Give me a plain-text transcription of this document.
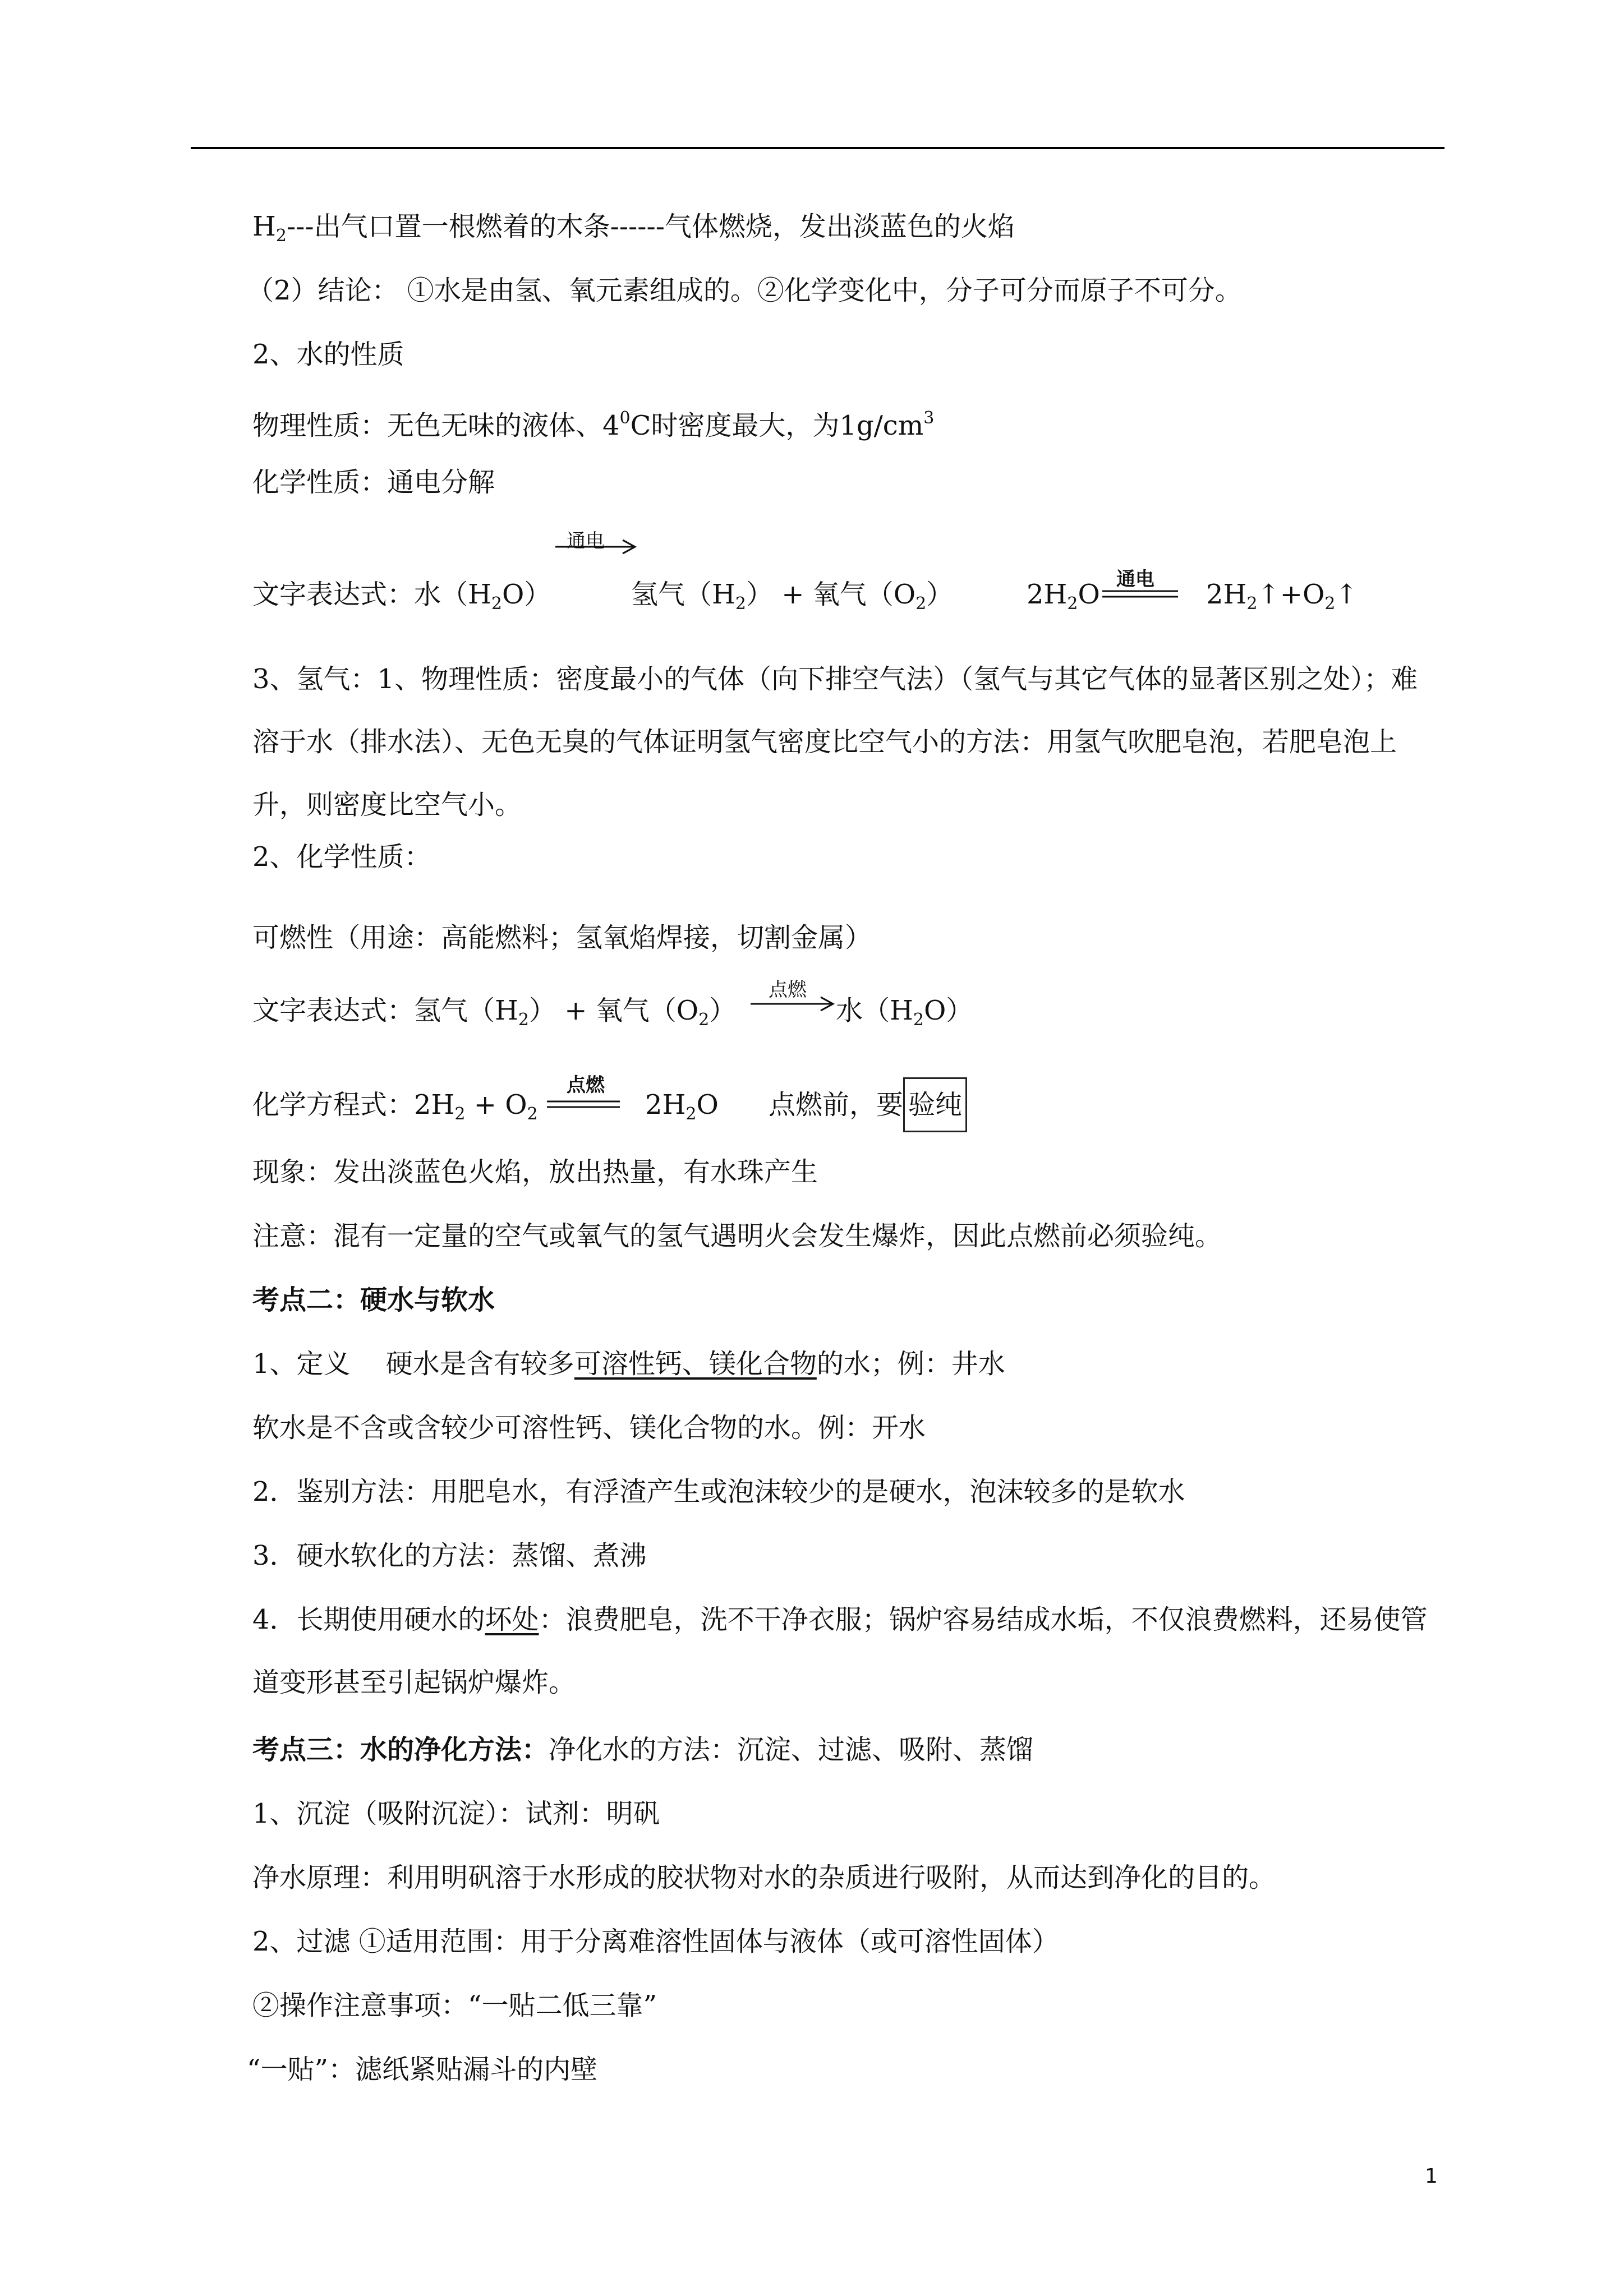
$H_2---$出气口置一根燃着的木条------气体燃烧，发出淡蓝色的火焰
（2）结论： ①水是由氢、氧元素组成的。②化学变化中，分子可分而原子不可分。
2、水的性质
物理性质：无色无味的液体、$4^0C$时密度最大，为$1g/cm^3$
化学性质：通电分解
文字表达式：水$(H_2O)$
通电
氢气$(H_2)$ + 氧气$(O_2)$	$2H_2O$ 通电 $2H_2↑+O_2↑$
3、氢气：1、物理性质：密度最小的气体（向下排空气法）（氢气与其它气体的显著区别之处）；难溶于水（排水法）、无色无臭的气体证明氢气密度比空气小的方法：用氢气吹肥皂泡，若肥皂泡上升，则密度比空气小。
2、化学性质：
可燃性（用途：高能燃料；氢氧焰焊接，切割金属）
文字表达式：氢气$(H_2)$ + 氧气$(O_2)$
点燃
水$(H_2O)$
化学方程式：$2H_2 + O_2$
点燃
$2H_2O$ 点燃前，要 验纯
现象：发出淡蓝色火焰，放出热量，有水珠产生
注意：混有一定量的空气或氧气的氢气遇明火会发生爆炸，因此点燃前必须验纯。
考点二：硬水与软水
1、定义　 硬水是含有较多可溶性钙、镁化合物的水；例：井水
软水是不含或含较少可溶性钙、镁化合物的水。例：开水
2．鉴别方法：用肥皂水，有浮渣产生或泡沫较少的是硬水，泡沫较多的是软水
3．硬水软化的方法：蒸馏、煮沸
4．长期使用硬水的坏处：浪费肥皂，洗不干净衣服；锅炉容易结成水垢，不仅浪费燃料，还易使管道变形甚至引起锅炉爆炸。
考点三：水的净化方法：净化水的方法：沉淀、过滤、吸附、蒸馏
1、沉淀（吸附沉淀）：试剂：明矾
净水原理：利用明矾溶于水形成的胶状物对水的杂质进行吸附，从而达到净化的目的。
2、过滤 ①适用范围：用于分离难溶性固体与液体（或可溶性固体）
②操作注意事项：“一贴二低三靠”
“一贴”：滤纸紧贴漏斗的内壁
1
